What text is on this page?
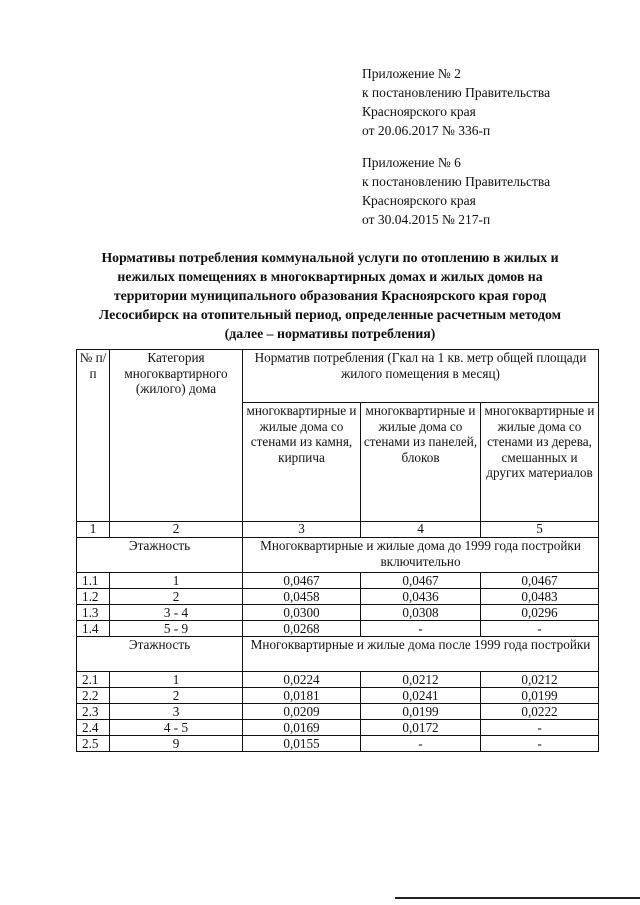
Приложение № 2
к постановлению Правительства
Красноярского края
от 20.06.2017 № 336-п
Приложение № 6
к постановлению Правительства
Красноярского края
от 30.04.2015 № 217-п
Нормативы потребления коммунальной услуги по отоплению в жилых и
нежилых помещениях в многоквартирных домах и жилых домов на
территории муниципального образования Красноярского края город
Лесосибирск на отопительный период, определенные расчетным методом
(далее – нормативы потребления)
№ п/п	Категория многоквартирного (жилого) дома	Норматив потребления (Гкал на 1 кв. метр общей площади жилого помещения в месяц)		
		многоквартирные и жилые дома со стенами из камня, кирпича	многоквартирные и жилые дома со стенами из панелей, блоков	многоквартирные и жилые дома со стенами из дерева, смешанных и других материалов
1	2	3	4	5
Этажность		Многоквартирные и жилые дома до 1999 года постройки включительно		
1.1	1	0,0467	0,0467	0,0467
1.2	2	0,0458	0,0436	0,0483
1.3	3 - 4	0,0300	0,0308	0,0296
1.4	5 - 9	0,0268	-	-
Этажность		Многоквартирные и жилые дома после 1999 года постройки		
2.1	1	0,0224	0,0212	0,0212
2.2	2	0,0181	0,0241	0,0199
2.3	3	0,0209	0,0199	0,0222
2.4	4 - 5	0,0169	0,0172	-
2.5	9	0,0155	-	-
